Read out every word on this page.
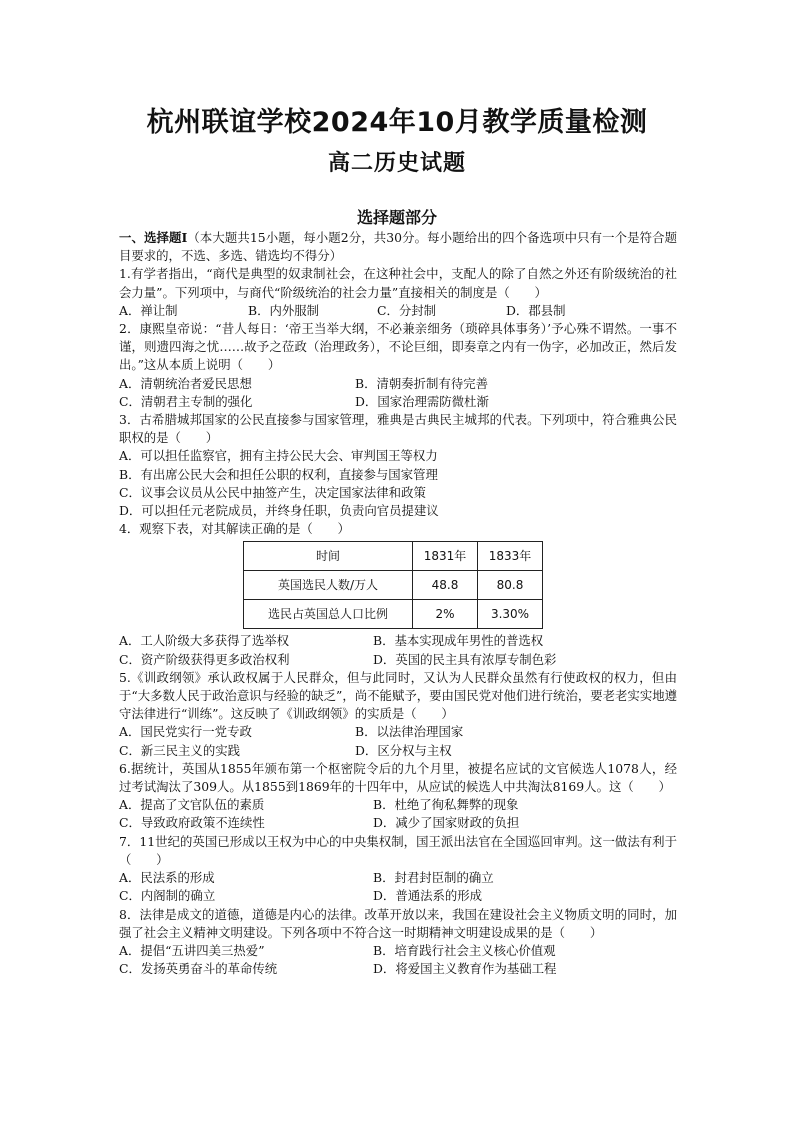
杭州联谊学校2024年10月教学质量检测
高二历史试题
选择题部分

一、选择题Ⅰ（本大题共15小题，每小题2分，共30分。每小题给出的四个备选项中只有一个是符合题目要求的，不选、多选、错选均不得分）

1.有学者指出，“商代是典型的奴隶制社会，在这种社会中，支配人的除了自然之外还有阶级统治的社会力量”。下列项中，与商代“阶级统治的社会力量”直接相关的制度是（　　）

A．禅让制	B．内外服制	C．分封制	D．郡县制

2．康熙皇帝说：“昔人每日：‘帝王当举大纲，不必兼亲细务（琐碎具体事务）’予心殊不谓然。一事不谨，则遗四海之忧……故予之莅政（治理政务），不论巨细，即奏章之内有一伪字，必加改正，然后发出。”这从本质上说明（　　）

A．清朝统治者爱民思想	B．清朝奏折制有待完善
C．清朝君主专制的强化	D．国家治理需防微杜渐

3．古希腊城邦国家的公民直接参与国家管理，雅典是古典民主城邦的代表。下列项中，符合雅典公民职权的是（　　）

A．可以担任监察官，拥有主持公民大会、审判国王等权力
B．有出席公民大会和担任公职的权利，直接参与国家管理
C．议事会议员从公民中抽签产生，决定国家法律和政策
D．可以担任元老院成员，并终身任职，负责向官员提建议

4．观察下表，对其解读正确的是（　　）

时间	1831年	1833年
英国选民人数/万人	48.8	80.8
选民占英国总人口比例	2%	3.30%
A．工人阶级大多获得了选举权	B．基本实现成年男性的普选权
C．资产阶级获得更多政治权利	D．英国的民主具有浓厚专制色彩

5.《训政纲领》承认政权属于人民群众，但与此同时，又认为人民群众虽然有行使政权的权力，但由于“大多数人民于政治意识与经验的缺乏”，尚不能赋予，要由国民党对他们进行统治，要老老实实地遵守法律进行“训练”。这反映了《训政纲领》的实质是（　　）

A．国民党实行一党专政	B．以法律治理国家
C．新三民主义的实践	D．区分权与主权

6.据统计，英国从1855年颁布第一个枢密院令后的九个月里，被提名应试的文官候选人1078人，经过考试淘汰了309人。从1855到1869年的十四年中，从应试的候选人中共淘汰8169人。这（　　）

A．提高了文官队伍的素质	B．杜绝了徇私舞弊的现象
C．导致政府政策不连续性	D．减少了国家财政的负担

7．11世纪的英国已形成以王权为中心的中央集权制，国王派出法官在全国巡回审判。这一做法有利于（　　）

A．民法系的形成	B．封君封臣制的确立
C．内阁制的确立	D．普通法系的形成

8．法律是成文的道德，道德是内心的法律。改革开放以来，我国在建设社会主义物质文明的同时，加强了社会主义精神文明建设。下列各项中不符合这一时期精神文明建设成果的是（　　）

A．提倡“五讲四美三热爱”	B．培育践行社会主义核心价值观
C．发扬英勇奋斗的革命传统	D．将爱国主义教育作为基础工程
